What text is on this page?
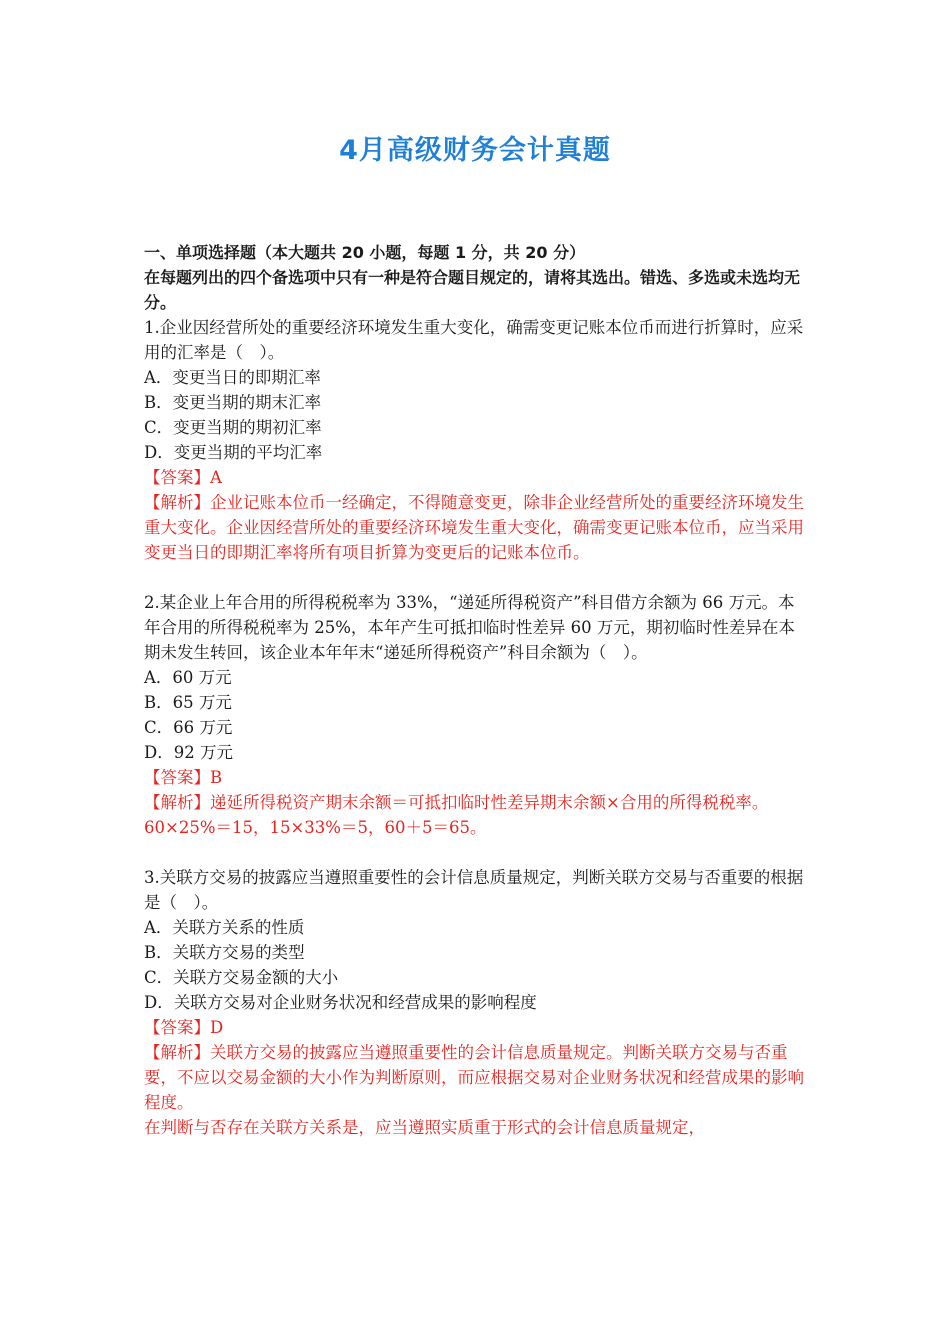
4月高级财务会计真题
一、单项选择题（本大题共 20 小题，每题 1 分，共 20 分）
在每题列出的四个备选项中只有一种是符合题目规定的，请将其选出。错选、多选或未选均无分。
1.企业因经营所处的重要经济环境发生重大变化，确需变更记账本位币而进行折算时，应采用的汇率是（　）。
A．变更当日的即期汇率
B．变更当期的期末汇率
C．变更当期的期初汇率
D．变更当期的平均汇率
【答案】A
【解析】企业记账本位币一经确定，不得随意变更，除非企业经营所处的重要经济环境发生重大变化。企业因经营所处的重要经济环境发生重大变化，确需变更记账本位币，应当采用变更当日的即期汇率将所有项目折算为变更后的记账本位币。
2.某企业上年合用的所得税税率为 33%，“递延所得税资产”科目借方余额为 66 万元。本年合用的所得税税率为 25%，本年产生可抵扣临时性差异 60 万元，期初临时性差异在本期未发生转回，该企业本年年末“递延所得税资产”科目余额为（　）。
A．60 万元
B．65 万元
C．66 万元
D．92 万元
【答案】B
【解析】递延所得税资产期末余额＝可抵扣临时性差异期末余额×合用的所得税税率。
60×25%＝15，15×33%＝5，60＋5＝65。
3.关联方交易的披露应当遵照重要性的会计信息质量规定，判断关联方交易与否重要的根据是（　）。
A．关联方关系的性质
B．关联方交易的类型
C．关联方交易金额的大小
D．关联方交易对企业财务状况和经营成果的影响程度
【答案】D
【解析】关联方交易的披露应当遵照重要性的会计信息质量规定。判断关联方交易与否重要，不应以交易金额的大小作为判断原则，而应根据交易对企业财务状况和经营成果的影响程度。
在判断与否存在关联方关系是，应当遵照实质重于形式的会计信息质量规定，
